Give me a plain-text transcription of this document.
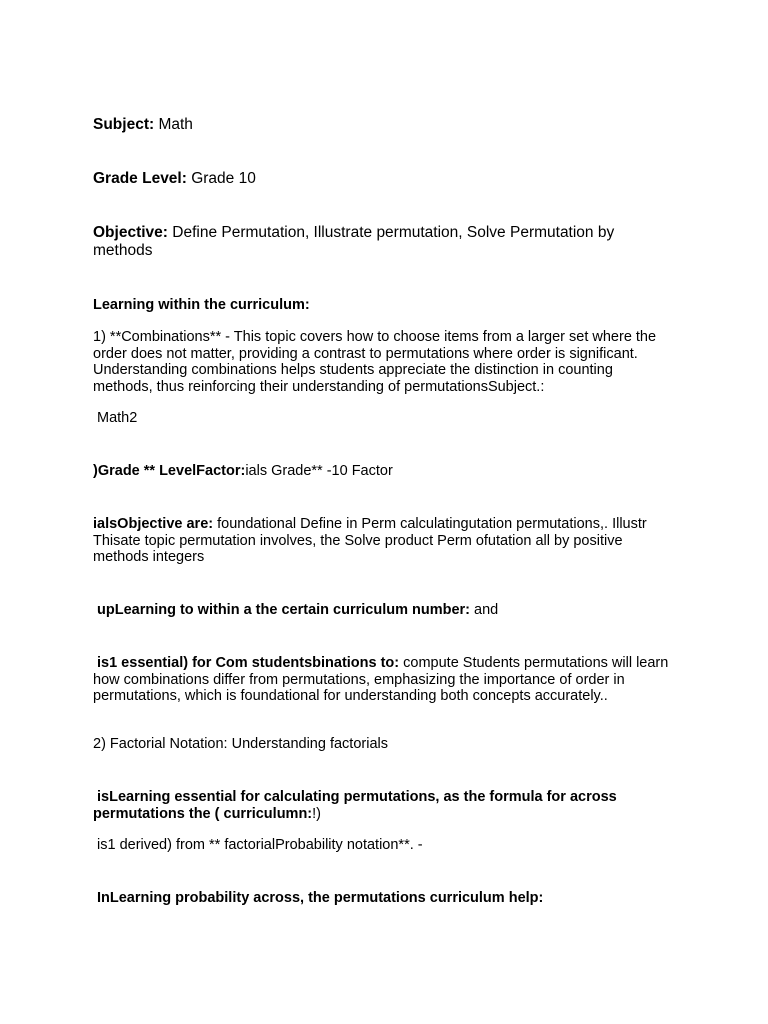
Subject: Math

Grade Level: Grade 10

Objective: Define Permutation, Illustrate permutation, Solve Permutation by methods

Learning within the curriculum:

1) **Combinations** - This topic covers how to choose items from a larger set where the order does not matter, providing a contrast to permutations where order is significant. Understanding combinations helps students appreciate the distinction in counting methods, thus reinforcing their understanding of permutationsSubject.:

Math2

)Grade ** LevelFactor:ials Grade** -10 Factor

ialsObjective are: foundational Define in Perm calculatingutation permutations,. Illustr Thisate topic permutation involves, the Solve product Perm ofutation all by positive methods integers

upLearning to within a the certain curriculum number: and

is1 essential) for Com studentsbinations to: compute Students permutations will learn how combinations differ from permutations, emphasizing the importance of order in permutations, which is foundational for understanding both concepts accurately..

2) Factorial Notation: Understanding factorials

isLearning essential for calculating permutations, as the formula for across permutations the ( curriculumn:!)

is1 derived) from ** factorialProbability notation**. -

InLearning probability across, the permutations curriculum help:
